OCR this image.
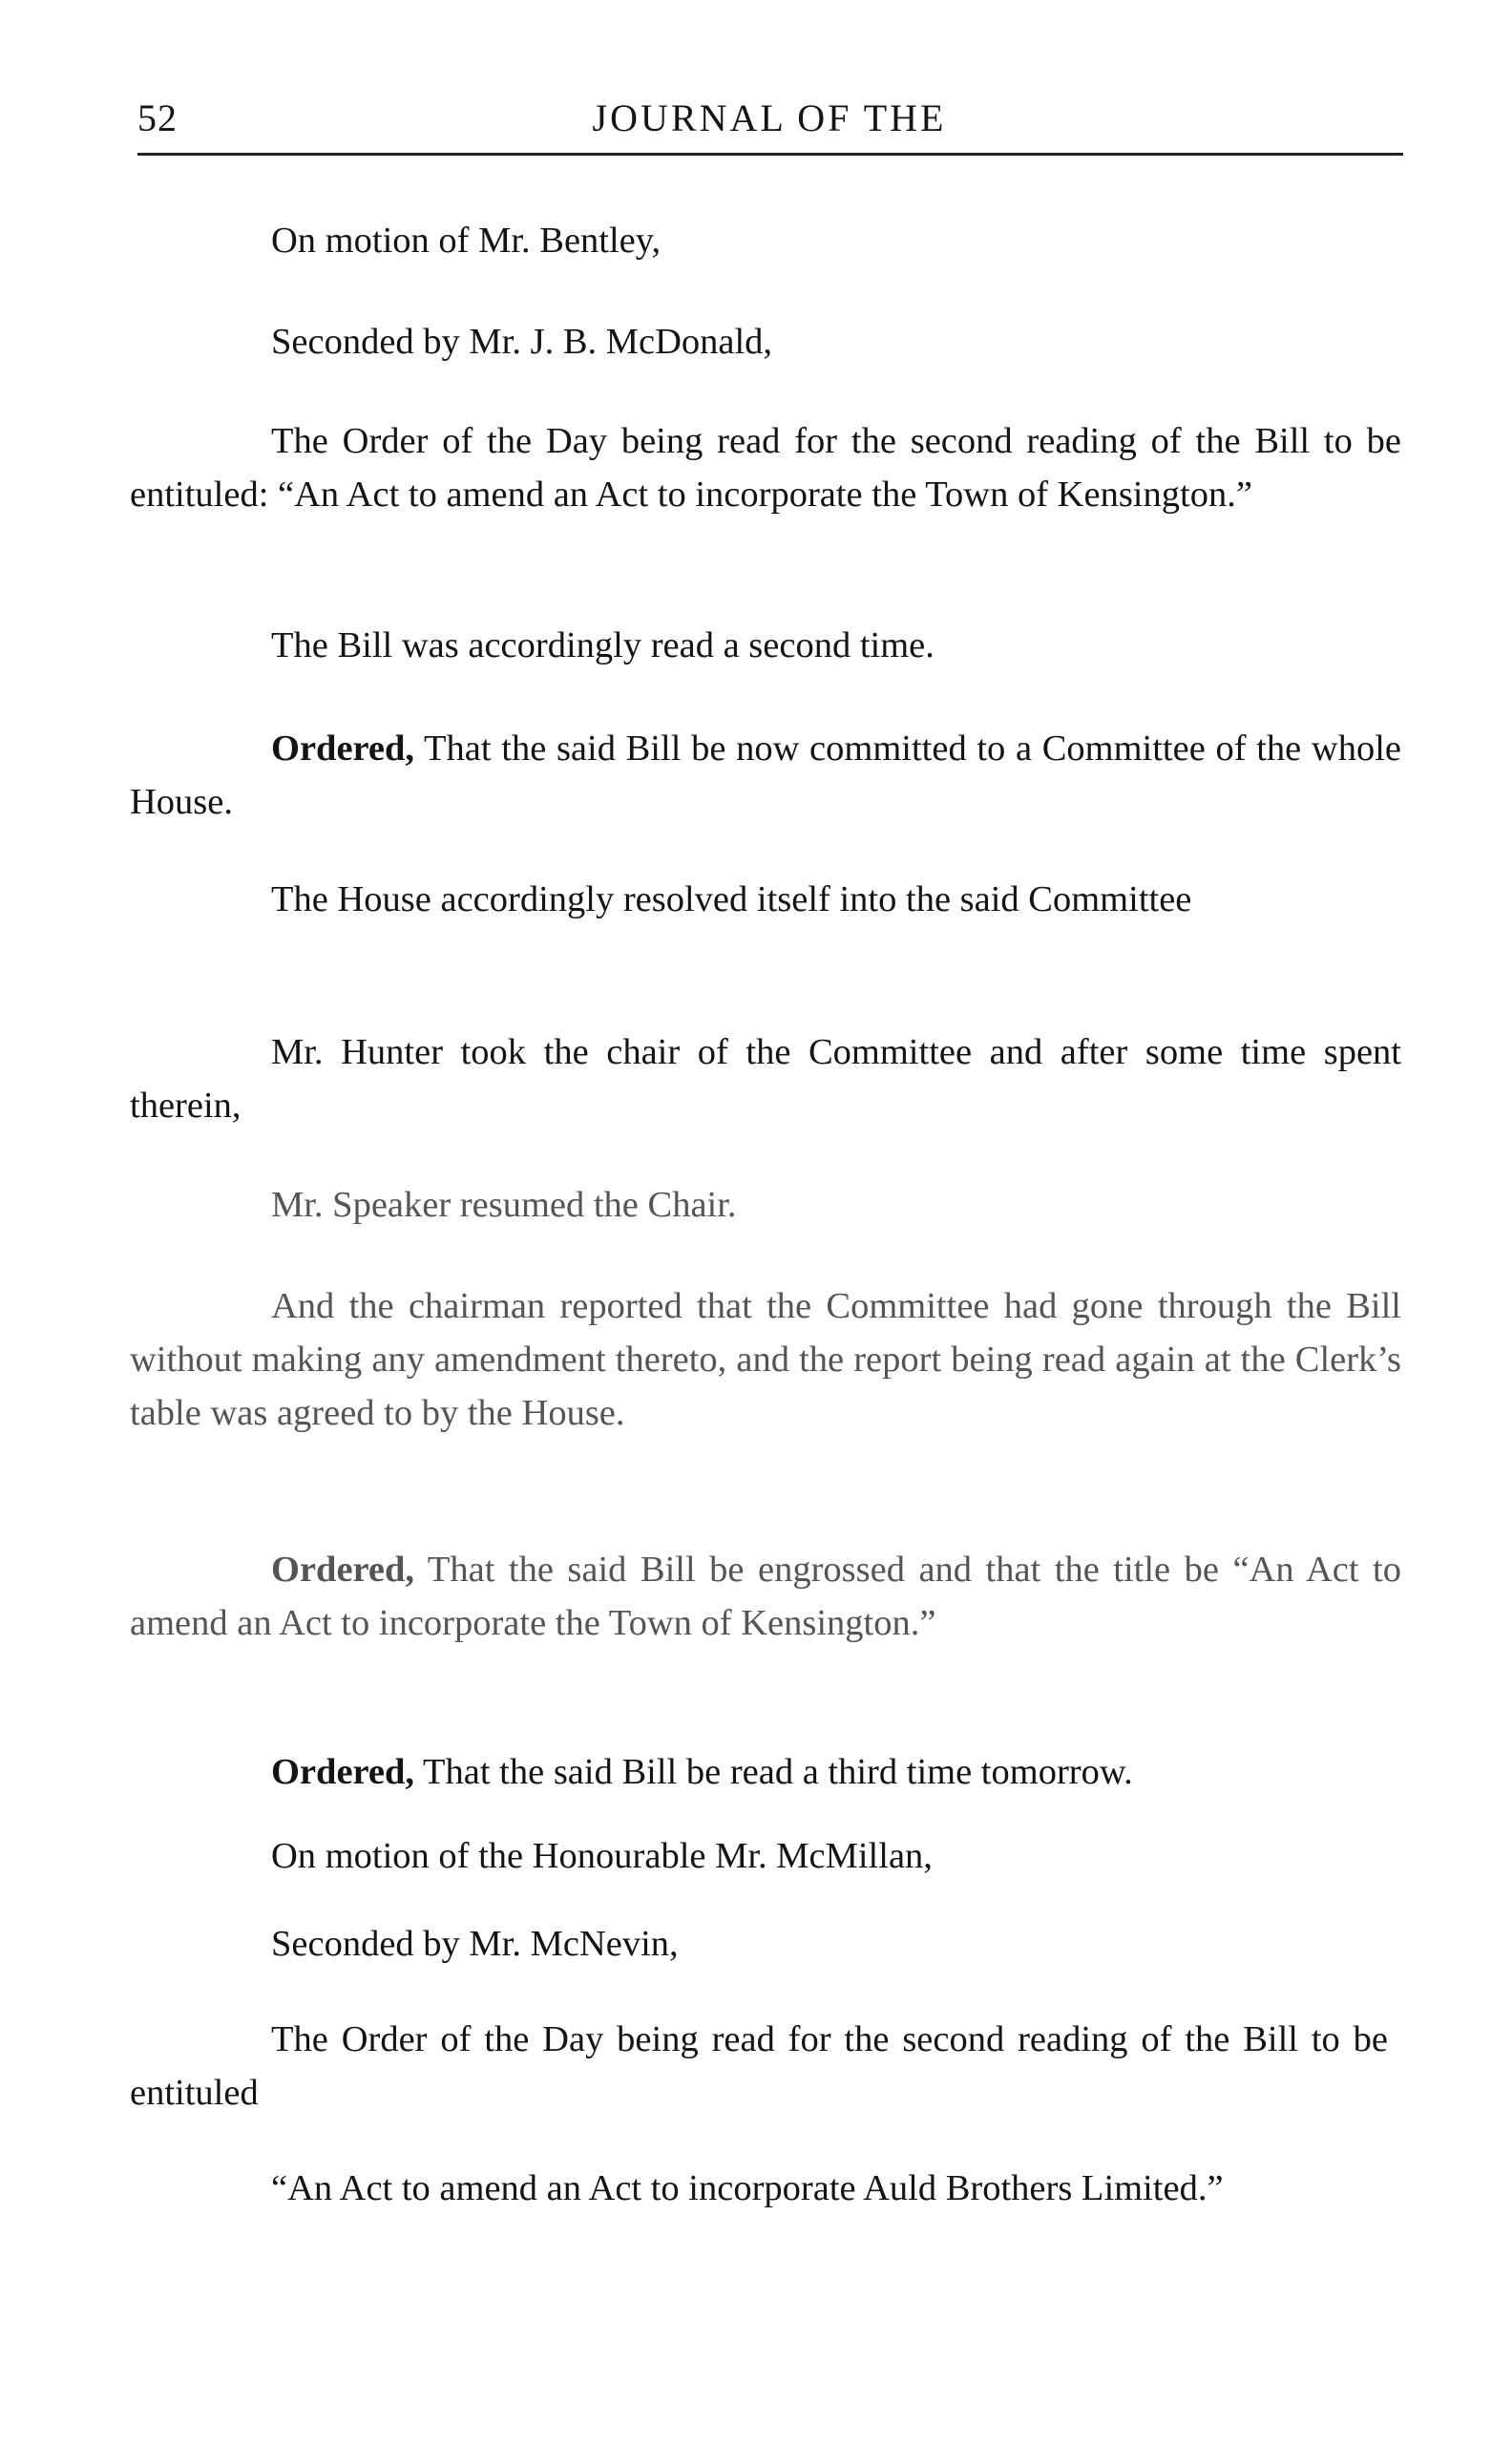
52	JOURNAL OF THE

On motion of Mr. Bentley,

Seconded by Mr. J. B. McDonald,

The Order of the Day being read for the second reading of the Bill to be entituled: “An Act to amend an Act to incorporate the Town of Kensington.”

The Bill was accordingly read a second time.

Ordered, That the said Bill be now committed to a Committee of the whole House.

The House accordingly resolved itself into the said Committee

Mr. Hunter took the chair of the Committee and after some time spent therein,

Mr. Speaker resumed the Chair.

And the chairman reported that the Committee had gone through the Bill without making any amendment thereto, and the report being read again at the Clerk’s table was agreed to by the House.

Ordered, That the said Bill be engrossed and that the title be “An Act to amend an Act to incorporate the Town of Kensington.”

Ordered, That the said Bill be read a third time tomorrow.

On motion of the Honourable Mr. McMillan,

Seconded by Mr. McNevin,

The Order of the Day being read for the second reading of the Bill to be entituled

“An Act to amend an Act to incorporate Auld Brothers Limited.”
